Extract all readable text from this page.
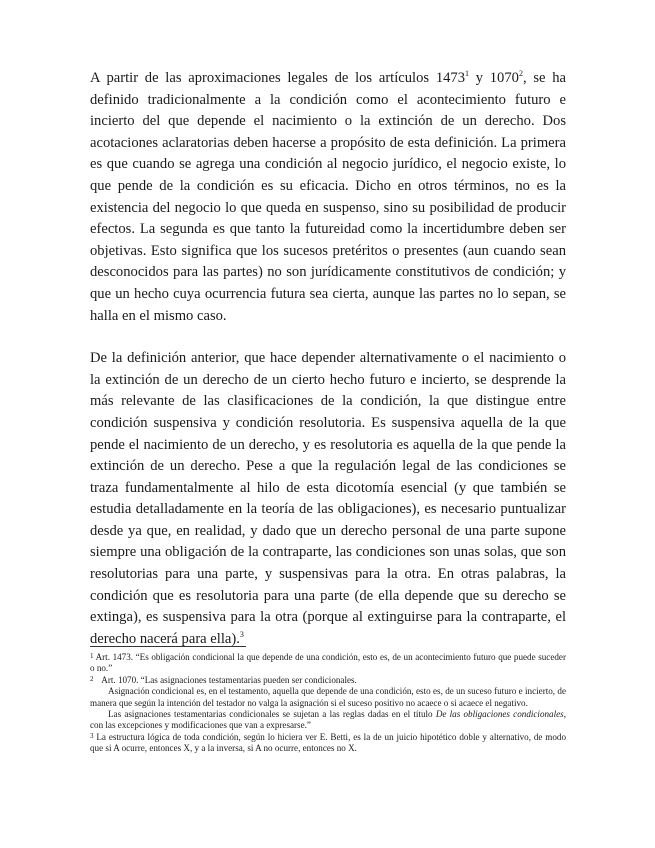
A partir de las aproximaciones legales de los artículos 1473$^1$ y 1070$^2$, se ha definido tradicionalmente a la condición como el acontecimiento futuro e incierto del que depende el nacimiento o la extinción de un derecho. Dos acotaciones aclaratorias deben hacerse a propósito de esta definición. La primera es que cuando se agrega una condición al negocio jurídico, el negocio existe, lo que pende de la condición es su eficacia. Dicho en otros términos, no es la existencia del negocio lo que queda en suspenso, sino su posibilidad de producir efectos. La segunda es que tanto la futureidad como la incertidumbre deben ser objetivas. Esto significa que los sucesos pretéritos o presentes (aun cuando sean desconocidos para las partes) no son jurídicamente constitutivos de condición; y que un hecho cuya ocurrencia futura sea cierta, aunque las partes no lo sepan, se halla en el mismo caso.

De la definición anterior, que hace depender alternativamente o el nacimiento o la extinción de un derecho de un cierto hecho futuro e incierto, se desprende la más relevante de las clasificaciones de la condición, la que distingue entre condición suspensiva y condición resolutoria. Es suspensiva aquella de la que pende el nacimiento de un derecho, y es resolutoria es aquella de la que pende la extinción de un derecho. Pese a que la regulación legal de las condiciones se traza fundamentalmente al hilo de esta dicotomía esencial (y que también se estudia detalladamente en la teoría de las obligaciones), es necesario puntualizar desde ya que, en realidad, y dado que un derecho personal de una parte supone siempre una obligación de la contraparte, las condiciones son unas solas, que son resolutorias para una parte, y suspensivas para la otra. En otras palabras, la condición que es resolutoria para una parte (de ella depende que su derecho se extinga), es suspensiva para la otra (porque al extinguirse para la contraparte, el derecho nacerá para ella).$^3$

$^1$ Art. 1473. “Es obligación condicional la que depende de una condición, esto es, de un acontecimiento futuro que puede suceder o no.”

$^2$ Art. 1070. “Las asignaciones testamentarias pueden ser condicionales.

Asignación condicional es, en el testamento, aquella que depende de una condición, esto es, de un suceso futuro e incierto, de manera que según la intención del testador no valga la asignación si el suceso positivo no acaece o si acaece el negativo.

Las asignaciones testamentarias condicionales se sujetan a las reglas dadas en el título De las obligaciones condicionales, con las excepciones y modificaciones que van a expresarse.”

$^3$ La estructura lógica de toda condición, según lo hiciera ver E. Betti, es la de un juicio hipotético doble y alternativo, de modo que si A ocurre, entonces X, y a la inversa, si A no ocurre, entonces no X.
